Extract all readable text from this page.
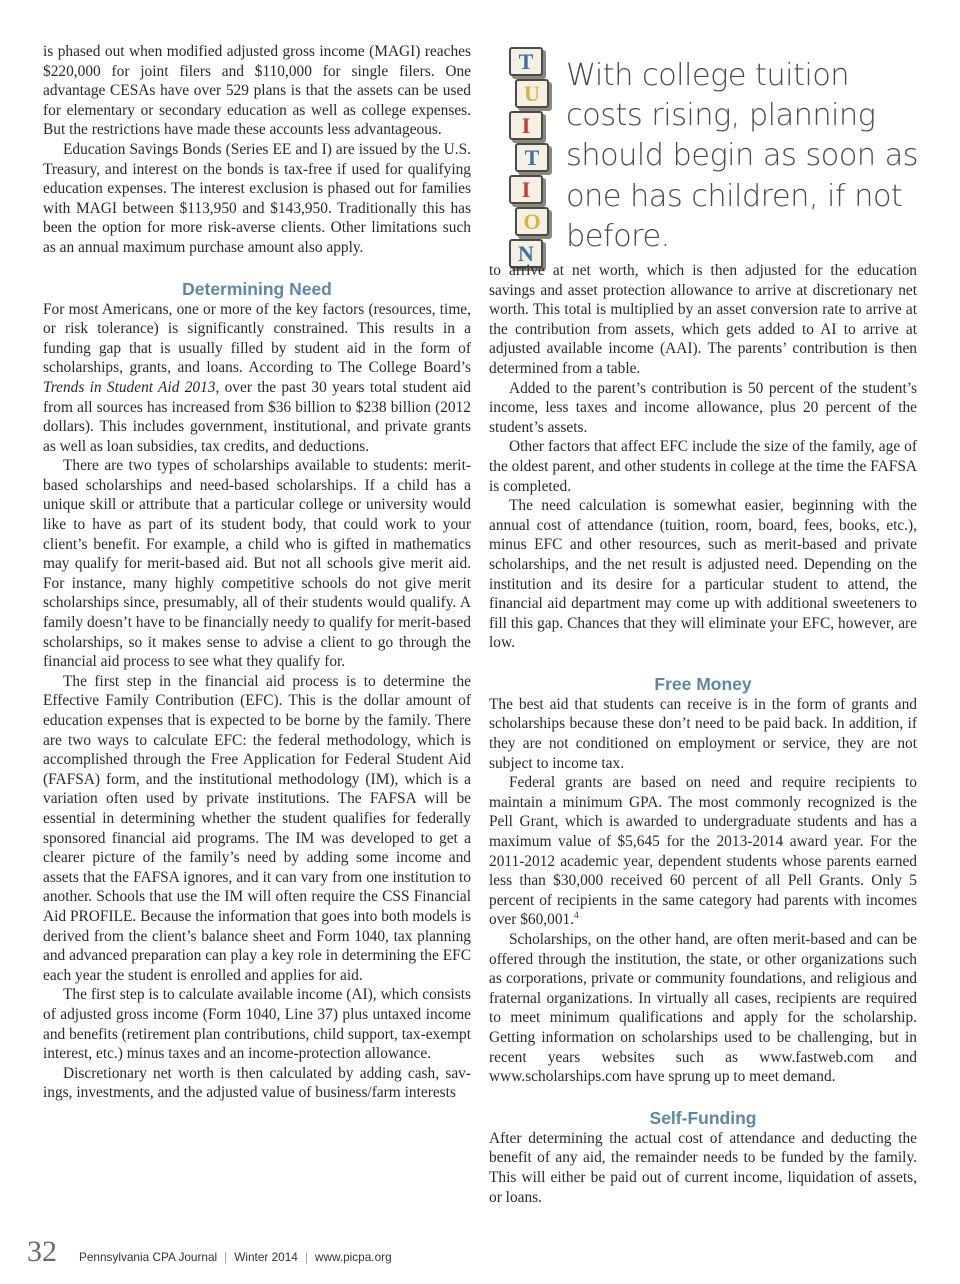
T
U
I
T
I
O
N
With college tuition costs rising, planning should begin as soon as one has children, if not before.

is phased out when modified adjusted gross income (MAGI) reaches $220,000 for joint filers and $110,000 for single filers. One advantage CESAs have over 529 plans is that the assets can be used for elementary or secondary education as well as college expenses. But the restrictions have made these accounts less advantageous.

Education Savings Bonds (Series EE and I) are issued by the U.S. Treasury, and interest on the bonds is tax-free if used for qualifying education expenses. The interest exclusion is phased out for families with MAGI between $113,950 and $143,950. Traditionally this has been the option for more risk-averse clients. Other limitations such as an annual maximum purchase amount also apply.

Determining Need

For most Americans, one or more of the key factors (resources, time, or risk tolerance) is significantly constrained. This results in a funding gap that is usually filled by student aid in the form of scholarships, grants, and loans. According to The College Board’s Trends in Student Aid 2013, over the past 30 years total student aid from all sources has increased from $36 billion to $238 billion (2012 dollars). This includes government, institutional, and private grants as well as loan subsidies, tax credits, and deductions.

There are two types of scholarships available to students: merit-based scholarships and need-based scholarships. If a child has a unique skill or attribute that a particular college or university would like to have as part of its student body, that could work to your client’s benefit. For example, a child who is gifted in mathematics may qualify for merit-based aid. But not all schools give merit aid. For instance, many highly competitive schools do not give merit scholarships since, presumably, all of their students would qualify. A family doesn’t have to be financially needy to qualify for merit-based scholarships, so it makes sense to advise a client to go through the financial aid process to see what they qualify for.

The first step in the financial aid process is to determine the Effective Family Contribution (EFC). This is the dollar amount of education expenses that is expected to be borne by the family. There are two ways to calculate EFC: the federal methodology, which is accomplished through the Free Application for Federal Student Aid (FAFSA) form, and the institutional methodology (IM), which is a variation often used by private institutions. The FAFSA will be essential in determining whether the student qualifies for federally sponsored financial aid programs. The IM was developed to get a clearer picture of the family’s need by adding some income and assets that the FAFSA ignores, and it can vary from one institution to another. Schools that use the IM will often require the CSS Financial Aid PROFILE. Because the information that goes into both models is derived from the client’s balance sheet and Form 1040, tax planning and advanced preparation can play a key role in determining the EFC each year the student is enrolled and applies for aid.

The first step is to calculate available income (AI), which consists of adjusted gross income (Form 1040, Line 37) plus untaxed income and benefits (retirement plan contributions, child support, tax-exempt interest, etc.) minus taxes and an income-protection allowance.

Discretionary net worth is then calculated by adding cash, savings, investments, and the adjusted value of business/farm interests

to arrive at net worth, which is then adjusted for the education savings and asset protection allowance to arrive at discretionary net worth. This total is multiplied by an asset conversion rate to arrive at the contribution from assets, which gets added to AI to arrive at adjusted available income (AAI). The parents’ contribution is then determined from a table.

Added to the parent’s contribution is 50 percent of the student’s income, less taxes and income allowance, plus 20 percent of the student’s assets.

Other factors that affect EFC include the size of the family, age of the oldest parent, and other students in college at the time the FAFSA is completed.

The need calculation is somewhat easier, beginning with the annual cost of attendance (tuition, room, board, fees, books, etc.), minus EFC and other resources, such as merit-based and private scholarships, and the net result is adjusted need. Depending on the institution and its desire for a particular student to attend, the financial aid department may come up with additional sweeteners to fill this gap. Chances that they will eliminate your EFC, however, are low.

Free Money

The best aid that students can receive is in the form of grants and scholarships because these don’t need to be paid back. In addition, if they are not conditioned on employment or service, they are not subject to income tax.

Federal grants are based on need and require recipients to maintain a minimum GPA. The most commonly recognized is the Pell Grant, which is awarded to undergraduate students and has a maximum value of $5,645 for the 2013-2014 award year. For the 2011-2012 academic year, dependent students whose parents earned less than $30,000 received 60 percent of all Pell Grants. Only 5 percent of recipients in the same category had parents with incomes over $60,001.$^4$

Scholarships, on the other hand, are often merit-based and can be offered through the institution, the state, or other organizations such as corporations, private or community foundations, and religious and fraternal organizations. In virtually all cases, recipients are required to meet minimum qualifications and apply for the scholarship. Getting information on scholarships used to be challenging, but in recent years websites such as www.fastweb.com and www.scholarships.com have sprung up to meet demand.

Self-Funding

After determining the actual cost of attendance and deducting the benefit of any aid, the remainder needs to be funded by the family. This will either be paid out of current income, liquidation of assets, or loans.

32 Pennsylvania CPA Journal | Winter 2014 | www.picpa.org
